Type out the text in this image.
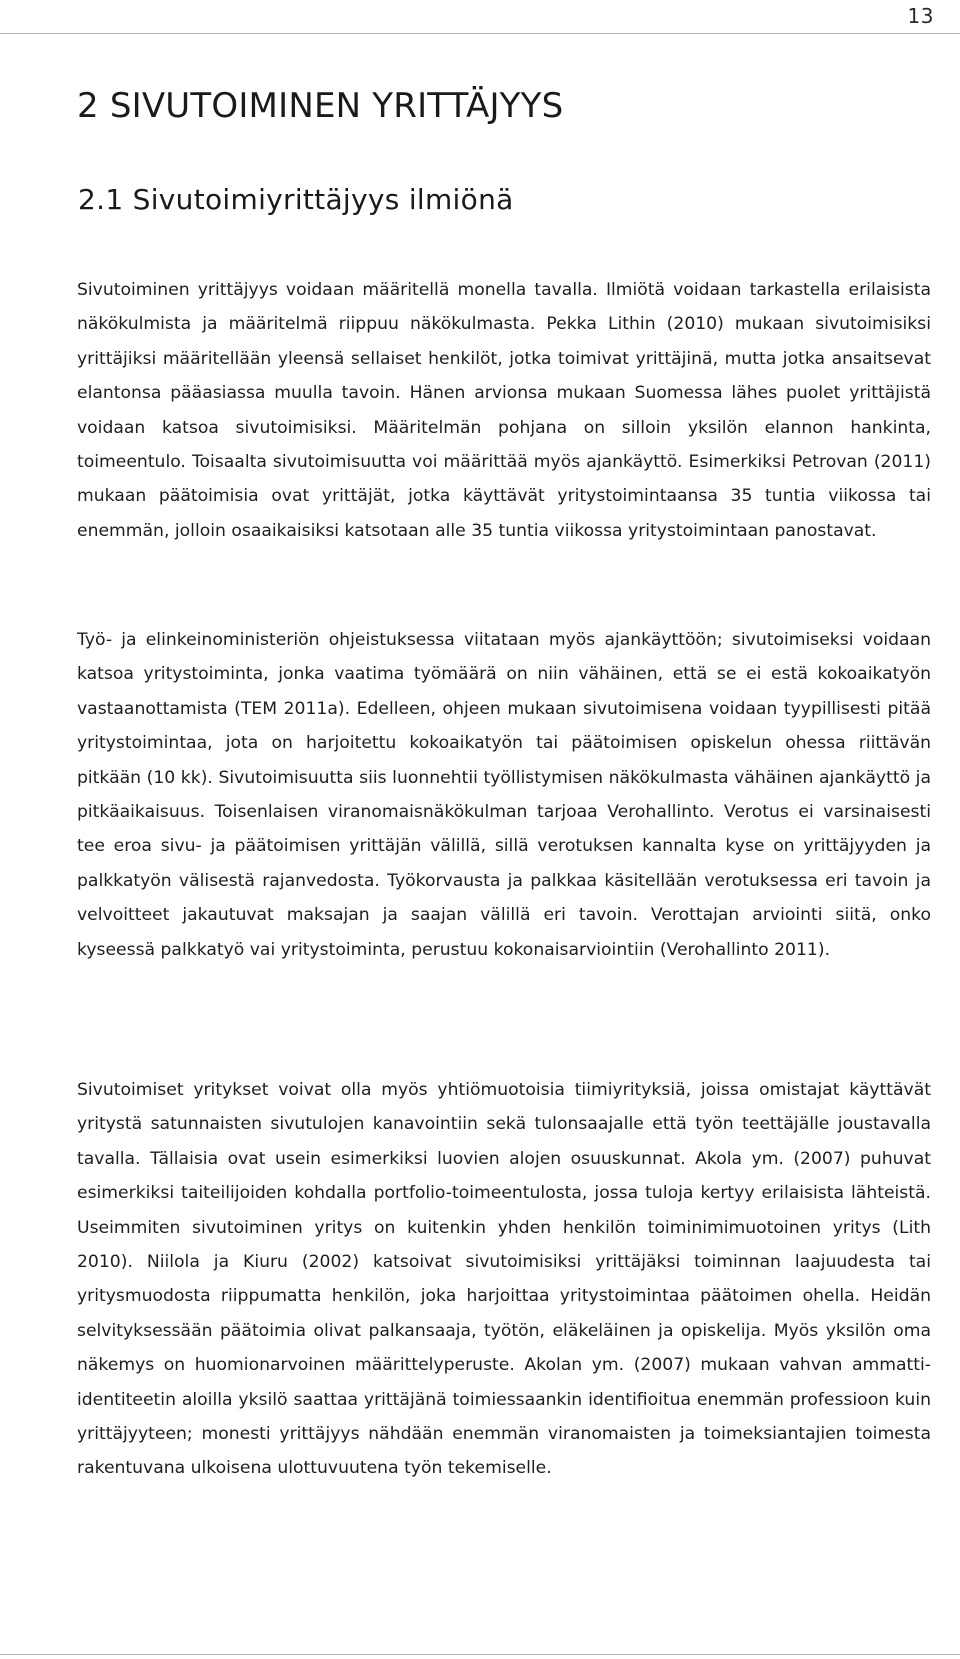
13
2 SIVUTOIMINEN YRITTÄJYYS
2.1 Sivutoimiyrittäjyys ilmiönä

Sivutoiminen yrittäjyys voidaan määritellä monella tavalla. Ilmiötä voidaan tarkastella erilaisista näkökulmista ja määritelmä riippuu näkökulmasta. Pekka Lithin (2010) mukaan sivutoimisiksi yrittäjiksi määritellään yleensä sellaiset henkilöt, jotka toimivat yrittäjinä, mutta jotka ansaitsevat elantonsa pääasiassa muulla tavoin. Hänen arvionsa mukaan Suomessa lähes puolet yrittäjistä voidaan katsoa sivutoimisiksi. Määritelmän pohjana on silloin yksilön elannon hankinta, toimeentulo. Toisaalta sivutoimisuutta voi määrittää myös ajankäyttö. Esimerkiksi Petrovan (2011) mukaan päätoimisia ovat yrittäjät, jotka käyttävät yritystoimintaansa 35 tuntia viikossa tai enemmän, jolloin osaaikaisiksi katsotaan alle 35 tuntia viikossa yritystoimintaan panostavat.

Työ- ja elinkeinoministeriön ohjeistuksessa viitataan myös ajankäyttöön; sivutoimiseksi voidaan katsoa yritystoiminta, jonka vaatima työmäärä on niin vähäinen, että se ei estä kokoaikatyön vastaanottamista (TEM 2011a). Edelleen, ohjeen mukaan sivutoimisena voidaan tyypillisesti pitää yritystoimintaa, jota on harjoitettu kokoaikatyön tai päätoimisen opiskelun ohessa riittävän pitkään (10 kk). Sivutoimisuutta siis luonnehtii työllistymisen näkökulmasta vähäinen ajankäyttö ja pitkäaikaisuus. Toisenlaisen viranomaisnäkökulman tarjoaa Verohallinto. Verotus ei varsinaisesti tee eroa sivu- ja päätoimisen yrittäjän välillä, sillä verotuksen kannalta kyse on yrittäjyyden ja palkkatyön välisestä rajanvedosta. Työkorvausta ja palkkaa käsitellään verotuksessa eri tavoin ja velvoitteet jakautuvat maksajan ja saajan välillä eri tavoin. Verottajan arviointi siitä, onko kyseessä palkkatyö vai yritystoiminta, perustuu kokonaisarviointiin (Verohallinto 2011).

Sivutoimiset yritykset voivat olla myös yhtiömuotoisia tiimiyrityksiä, joissa omistajat käyttävät yritystä satunnaisten sivutulojen kanavointiin sekä tulonsaajalle että työn teettäjälle joustavalla tavalla. Tällaisia ovat usein esimerkiksi luovien alojen osuuskunnat. Akola ym. (2007) puhuvat esimerkiksi taiteilijoiden kohdalla portfolio-toimeentulosta, jossa tuloja kertyy erilaisista lähteistä. Useimmiten sivutoiminen yritys on kuitenkin yhden henkilön toiminimimuotoinen yritys (Lith 2010). Niilola ja Kiuru (2002) katsoivat sivutoimisiksi yrittäjäksi toiminnan laajuudesta tai yritysmuodosta riippumatta henkilön, joka harjoittaa yritystoimintaa päätoimen ohella. Heidän selvityksessään päätoimia olivat palkansaaja, työtön, eläkeläinen ja opiskelija. Myös yksilön oma näkemys on huomionarvoinen määrittelyperuste. Akolan ym. (2007) mukaan vahvan ammatti-identiteetin aloilla yksilö saattaa yrittäjänä toimiessaankin identifioitua enemmän professioon kuin yrittäjyyteen; monesti yrittäjyys nähdään enemmän viranomaisten ja toimeksiantajien toimesta rakentuvana ulkoisena ulottuvuutena työn tekemiselle.
